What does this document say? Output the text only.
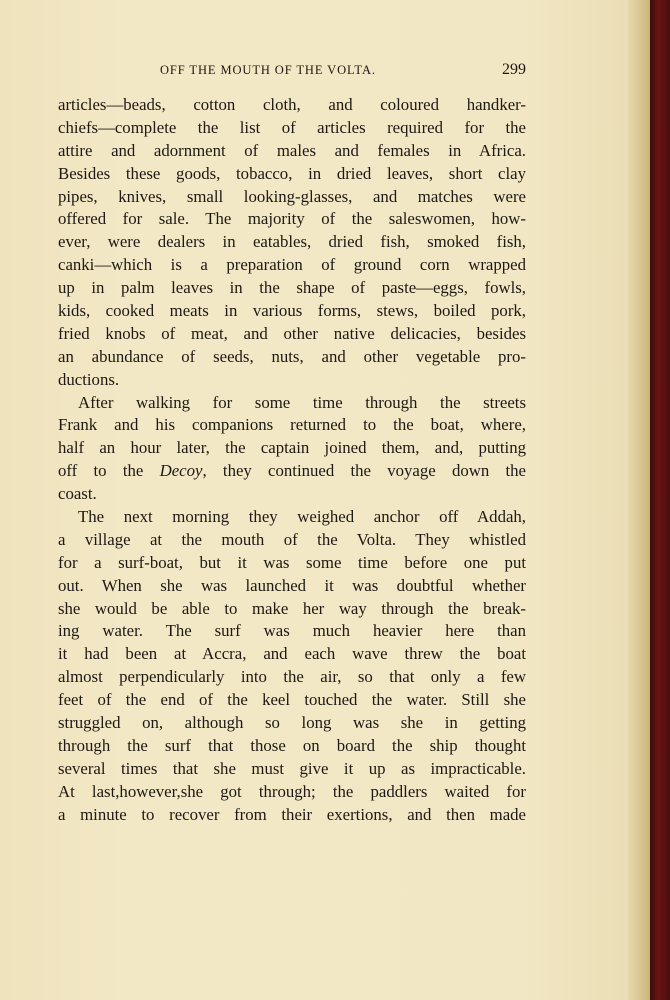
OFF THE MOUTH OF THE VOLTA.	299
articles—beads, cotton cloth, and coloured handker-
chiefs—complete the list of articles required for the
attire and adornment of males and females in Africa.
Besides these goods, tobacco, in dried leaves, short clay
pipes, knives, small looking-glasses, and matches were
offered for sale. The majority of the saleswomen, how-
ever, were dealers in eatables, dried fish, smoked fish,
canki—which is a preparation of ground corn wrapped
up in palm leaves in the shape of paste—eggs, fowls,
kids, cooked meats in various forms, stews, boiled pork,
fried knobs of meat, and other native delicacies, besides
an abundance of seeds, nuts, and other vegetable pro-
ductions.
After walking for some time through the streets
Frank and his companions returned to the boat, where,
half an hour later, the captain joined them, and, putting
off to the Decoy, they continued the voyage down the
coast.
The next morning they weighed anchor off Addah,
a village at the mouth of the Volta. They whistled
for a surf-boat, but it was some time before one put
out. When she was launched it was doubtful whether
she would be able to make her way through the break-
ing water. The surf was much heavier here than
it had been at Accra, and each wave threw the boat
almost perpendicularly into the air, so that only a few
feet of the end of the keel touched the water. Still she
struggled on, although so long was she in getting
through the surf that those on board the ship thought
several times that she must give it up as impracticable.
At last,however,she got through; the paddlers waited for
a minute to recover from their exertions, and then made
